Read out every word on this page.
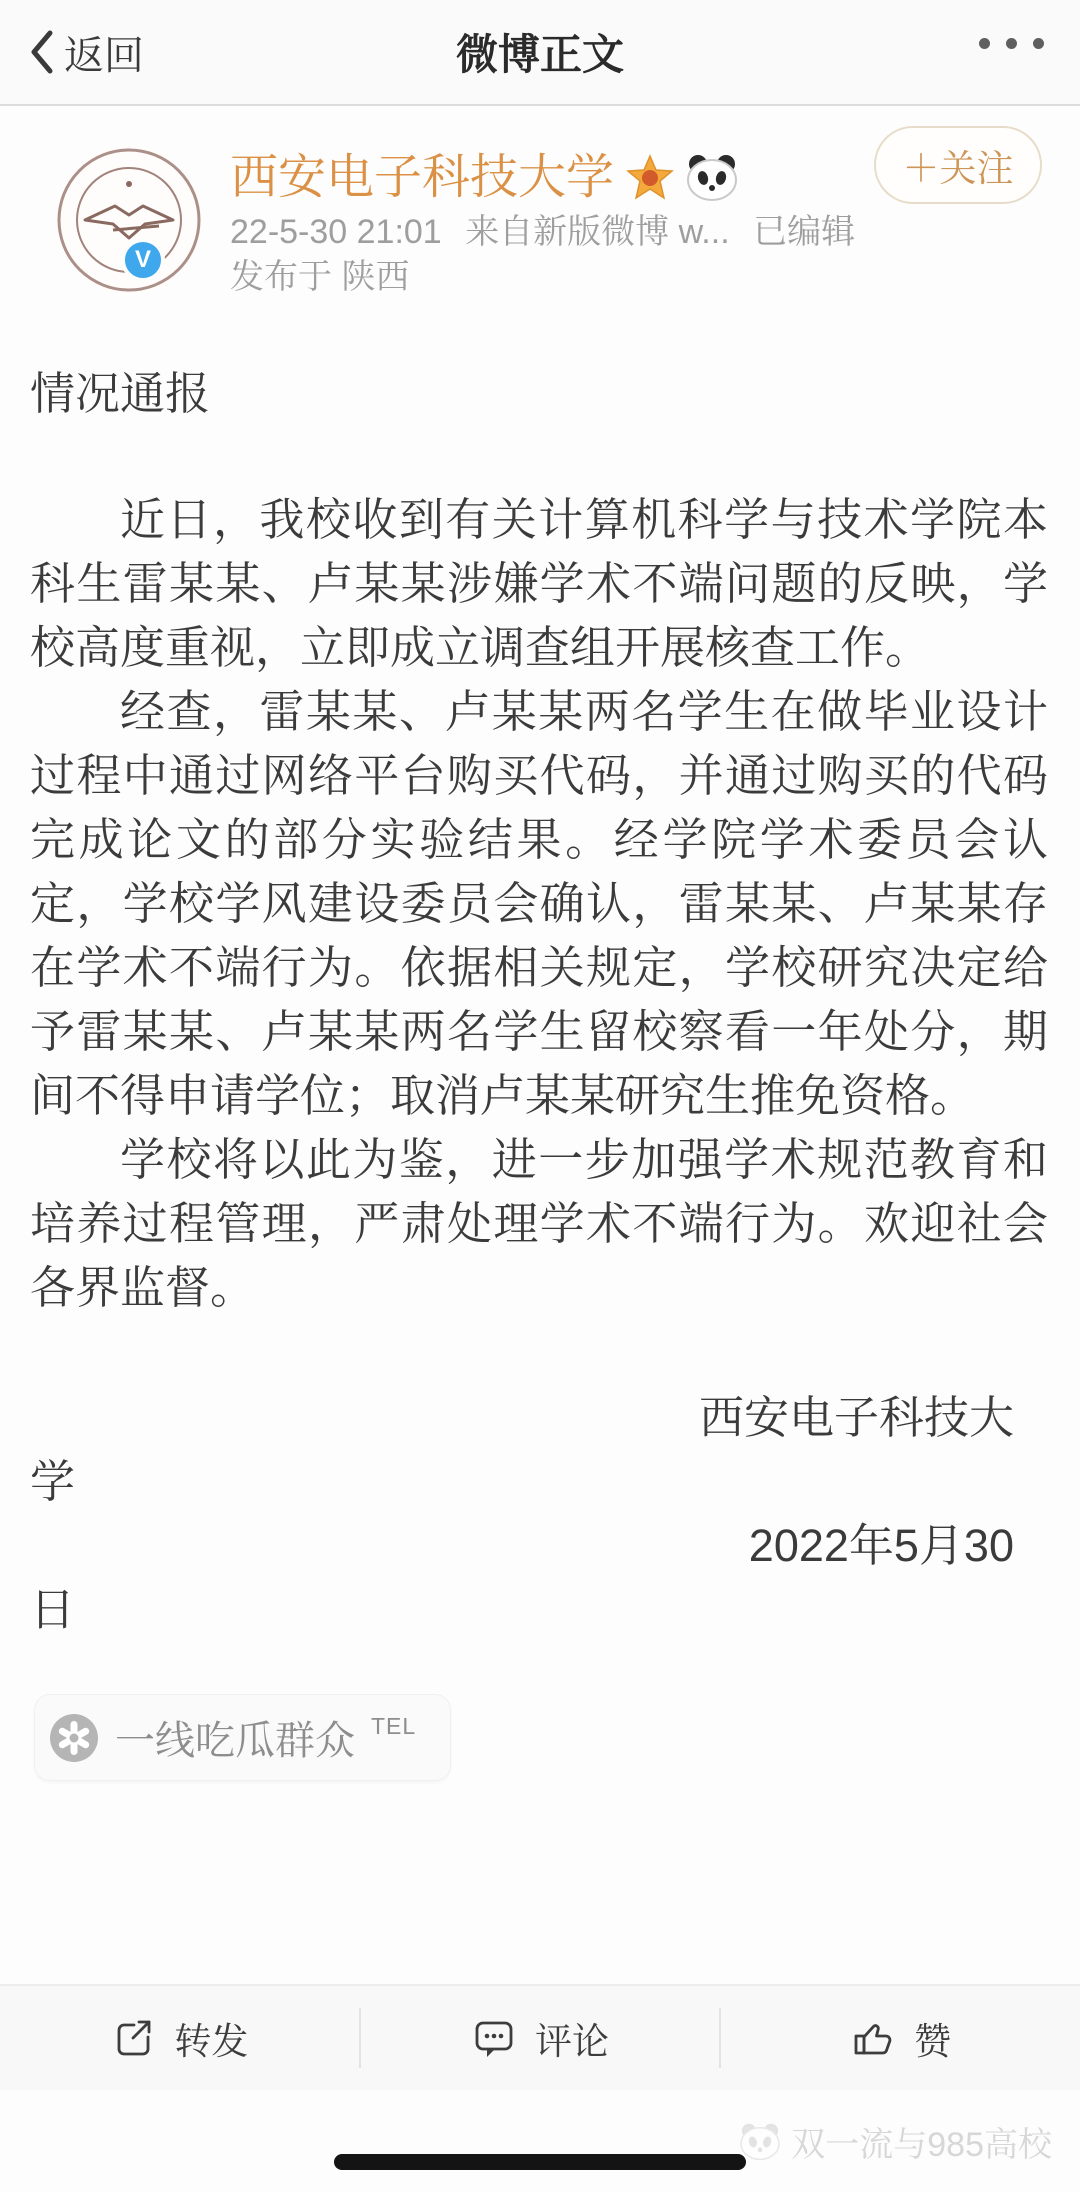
返回	微博正文
V
西安电子科技大学
22-5-30 21:01 来自新版微博 w... 已编辑
发布于 陕西
＋关注

情况通报

近日，我校收到有关计算机科学与技术学院本科生雷某某、卢某某涉嫌学术不端问题的反映，学校高度重视，立即成立调查组开展核查工作。

经查，雷某某、卢某某两名学生在做毕业设计过程中通过网络平台购买代码，并通过购买的代码完成论文的部分实验结果。经学院学术委员会认定，学校学风建设委员会确认，雷某某、卢某某存在学术不端行为。依据相关规定，学校研究决定给予雷某某、卢某某两名学生留校察看一年处分，期间不得申请学位；取消卢某某研究生推免资格。

学校将以此为鉴，进一步加强学术规范教育和培养过程管理，严肃处理学术不端行为。欢迎社会各界监督。

西安电子科技大
学
2022年5月30
日
一线吃瓜群众 $^{TEL}$
转发	评论	赞
双一流与985高校
